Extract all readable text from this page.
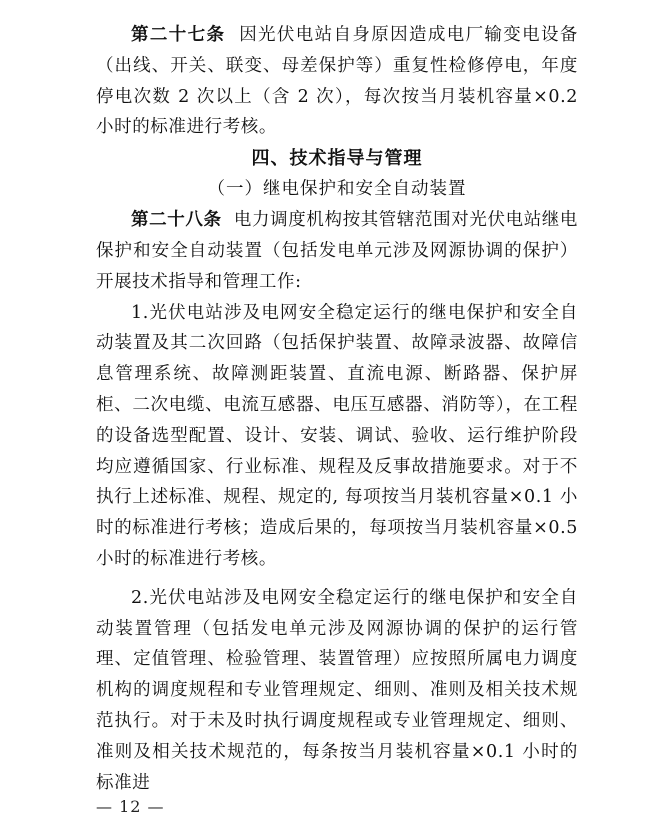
第二十七条 因光伏电站自身原因造成电厂输变电设备（出线、开关、联变、母差保护等）重复性检修停电，年度停电次数 2 次以上（含 2 次），每次按当月装机容量×0.2 小时的标准进行考核。

四、技术指导与管理

（一）继电保护和安全自动装置

第二十八条 电力调度机构按其管辖范围对光伏电站继电保护和安全自动装置（包括发电单元涉及网源协调的保护）开展技术指导和管理工作:

1.光伏电站涉及电网安全稳定运行的继电保护和安全自动装置及其二次回路（包括保护装置、故障录波器、故障信息管理系统、故障测距装置、直流电源、断路器、保护屏柜、二次电缆、电流互感器、电压互感器、消防等），在工程的设备选型配置、设计、安装、调试、验收、运行维护阶段均应遵循国家、行业标准、规程及反事故措施要求。对于不执行上述标准、规程、规定的, 每项按当月装机容量×0.1 小时的标准进行考核；造成后果的，每项按当月装机容量×0.5 小时的标准进行考核。

2.光伏电站涉及电网安全稳定运行的继电保护和安全自动装置管理（包括发电单元涉及网源协调的保护的运行管理、定值管理、检验管理、装置管理）应按照所属电力调度机构的调度规程和专业管理规定、细则、准则及相关技术规范执行。对于未及时执行调度规程或专业管理规定、细则、准则及相关技术规范的，每条按当月装机容量×0.1 小时的标准进

— 12 —
